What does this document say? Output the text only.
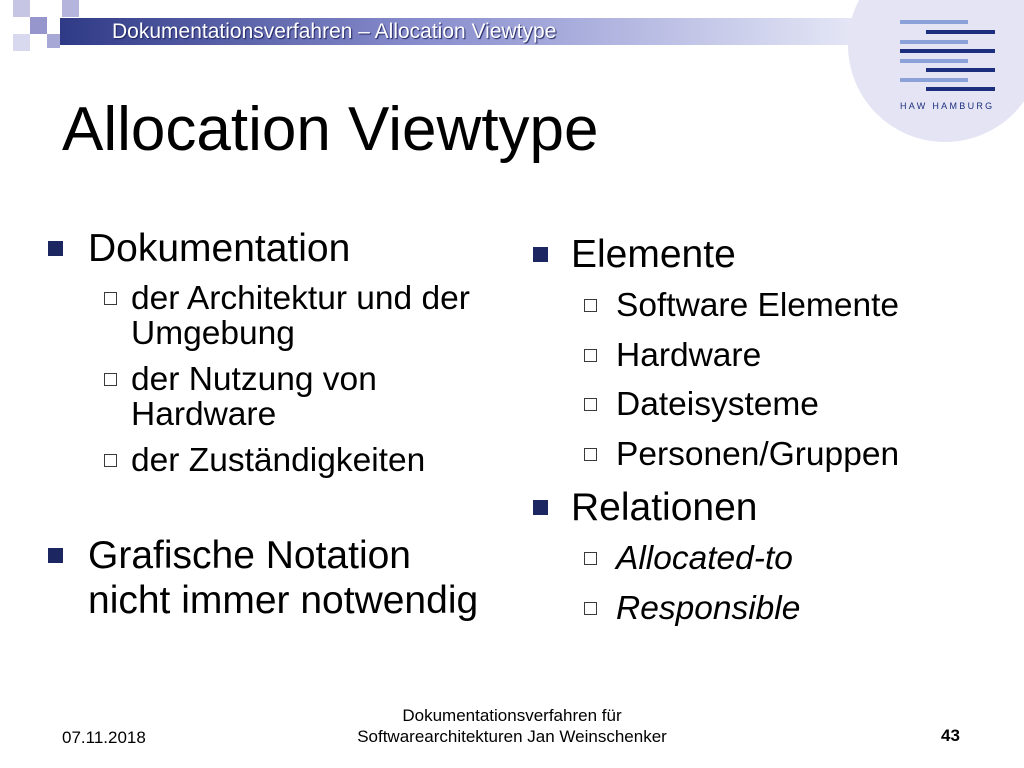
Dokumentationsverfahren – Allocation Viewtype
HAW HAMBURG
Allocation Viewtype
Dokumentation
der Architektur und der Umgebung
der Nutzung von Hardware
der Zuständigkeiten
Grafische Notation nicht immer notwendig
Elemente
Software Elemente
Hardware
Dateisysteme
Personen/Gruppen
Relationen
Allocated-to
Responsible
07.11.2018
Dokumentationsverfahren für Softwarearchitekturen Jan Weinschenker	43
